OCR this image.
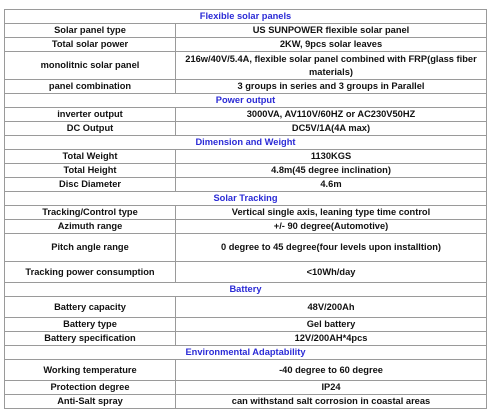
Flexible solar panels	
Solar panel type	US SUNPOWER flexible solar panel
Total solar power	2KW, 9pcs solar leaves
monolitnic solar panel	216w/40V/5.4A, flexible solar panel combined with FRP(glass fiber materials)
panel combination	3 groups in series and 3 groups in Parallel
Power output	
inverter output	3000VA, AV110V/60HZ or AC230V50HZ
DC Output	DC5V/1A(4A max)
Dimension and Weight	
Total Weight	1130KGS
Total Height	4.8m(45 degree inclination)
Disc Diameter	4.6m
Solar Tracking	
Tracking/Control type	Vertical single axis, leaning type time control
Azimuth range	+/- 90 degree(Automotive)
Pitch angle range	0 degree to 45 degree(four levels upon installtion)
Tracking power consumption	<10Wh/day
Battery	
Battery capacity	48V/200Ah
Battery type	Gel battery
Battery specification	12V/200AH*4pcs
Environmental Adaptability	
Working temperature	-40 degree to 60 degree
Protection degree	IP24
Anti-Salt spray	can withstand salt corrosion in coastal areas
